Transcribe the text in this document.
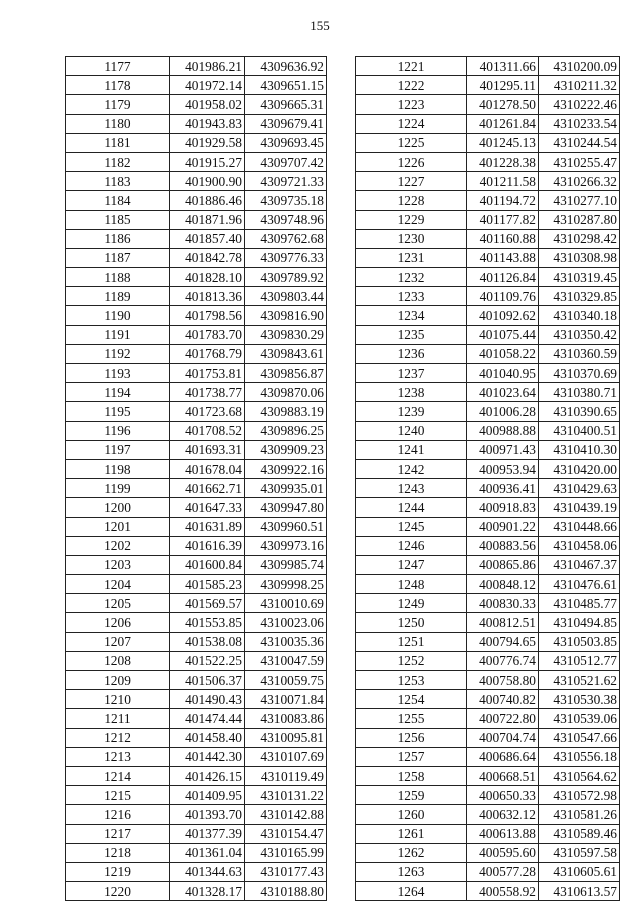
155
1177	401986.21	4309636.92
1178	401972.14	4309651.15
1179	401958.02	4309665.31
1180	401943.83	4309679.41
1181	401929.58	4309693.45
1182	401915.27	4309707.42
1183	401900.90	4309721.33
1184	401886.46	4309735.18
1185	401871.96	4309748.96
1186	401857.40	4309762.68
1187	401842.78	4309776.33
1188	401828.10	4309789.92
1189	401813.36	4309803.44
1190	401798.56	4309816.90
1191	401783.70	4309830.29
1192	401768.79	4309843.61
1193	401753.81	4309856.87
1194	401738.77	4309870.06
1195	401723.68	4309883.19
1196	401708.52	4309896.25
1197	401693.31	4309909.23
1198	401678.04	4309922.16
1199	401662.71	4309935.01
1200	401647.33	4309947.80
1201	401631.89	4309960.51
1202	401616.39	4309973.16
1203	401600.84	4309985.74
1204	401585.23	4309998.25
1205	401569.57	4310010.69
1206	401553.85	4310023.06
1207	401538.08	4310035.36
1208	401522.25	4310047.59
1209	401506.37	4310059.75
1210	401490.43	4310071.84
1211	401474.44	4310083.86
1212	401458.40	4310095.81
1213	401442.30	4310107.69
1214	401426.15	4310119.49
1215	401409.95	4310131.22
1216	401393.70	4310142.88
1217	401377.39	4310154.47
1218	401361.04	4310165.99
1219	401344.63	4310177.43
1220	401328.17	4310188.80
1221	401311.66	4310200.09
1222	401295.11	4310211.32
1223	401278.50	4310222.46
1224	401261.84	4310233.54
1225	401245.13	4310244.54
1226	401228.38	4310255.47
1227	401211.58	4310266.32
1228	401194.72	4310277.10
1229	401177.82	4310287.80
1230	401160.88	4310298.42
1231	401143.88	4310308.98
1232	401126.84	4310319.45
1233	401109.76	4310329.85
1234	401092.62	4310340.18
1235	401075.44	4310350.42
1236	401058.22	4310360.59
1237	401040.95	4310370.69
1238	401023.64	4310380.71
1239	401006.28	4310390.65
1240	400988.88	4310400.51
1241	400971.43	4310410.30
1242	400953.94	4310420.00
1243	400936.41	4310429.63
1244	400918.83	4310439.19
1245	400901.22	4310448.66
1246	400883.56	4310458.06
1247	400865.86	4310467.37
1248	400848.12	4310476.61
1249	400830.33	4310485.77
1250	400812.51	4310494.85
1251	400794.65	4310503.85
1252	400776.74	4310512.77
1253	400758.80	4310521.62
1254	400740.82	4310530.38
1255	400722.80	4310539.06
1256	400704.74	4310547.66
1257	400686.64	4310556.18
1258	400668.51	4310564.62
1259	400650.33	4310572.98
1260	400632.12	4310581.26
1261	400613.88	4310589.46
1262	400595.60	4310597.58
1263	400577.28	4310605.61
1264	400558.92	4310613.57
